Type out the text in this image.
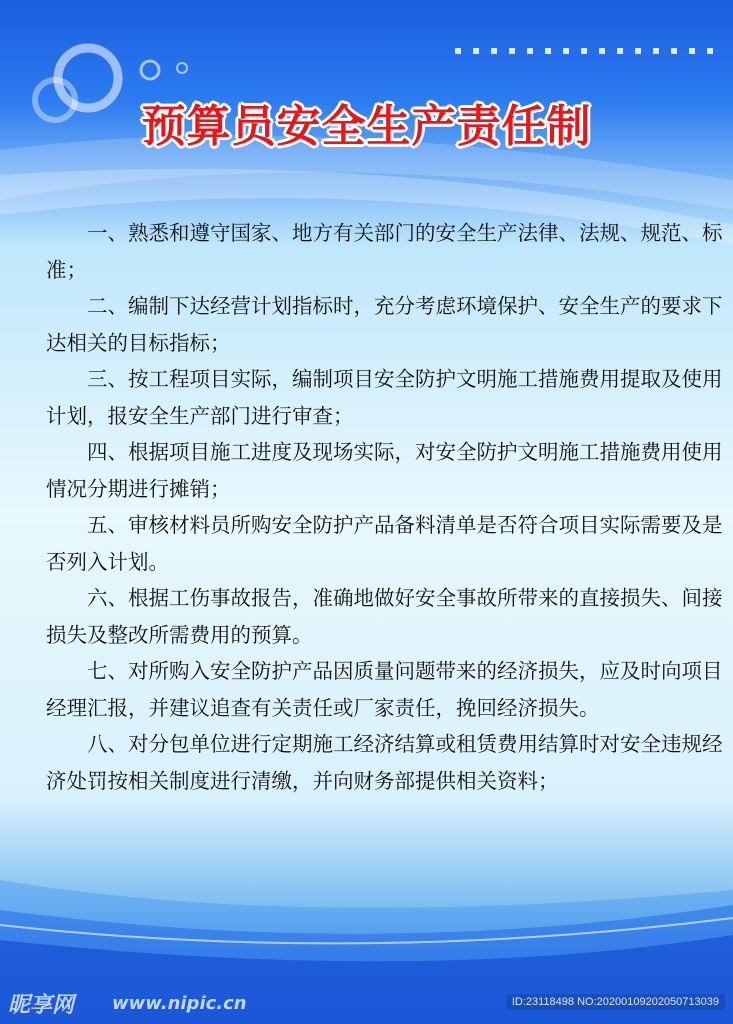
预算员安全生产责任制

一、熟悉和遵守国家、地方有关部门的安全生产法律、法规、规范、标准；

二、编制下达经营计划指标时，充分考虑环境保护、安全生产的要求下达相关的目标指标；

三、按工程项目实际，编制项目安全防护文明施工措施费用提取及使用计划，报安全生产部门进行审查；

四、根据项目施工进度及现场实际，对安全防护文明施工措施费用使用情况分期进行摊销；

五、审核材料员所购安全防护产品备料清单是否符合项目实际需要及是否列入计划。

六、根据工伤事故报告，准确地做好安全事故所带来的直接损失、间接损失及整改所需费用的预算。

七、对所购入安全防护产品因质量问题带来的经济损失，应及时向项目经理汇报，并建议追查有关责任或厂家责任，挽回经济损失。

八、对分包单位进行定期施工经济结算或租赁费用结算时对安全违规经济处罚按相关制度进行清缴，并向财务部提供相关资料；

昵享网 www.nipic.cn	ID:23118498 NO:20200109202050713039
